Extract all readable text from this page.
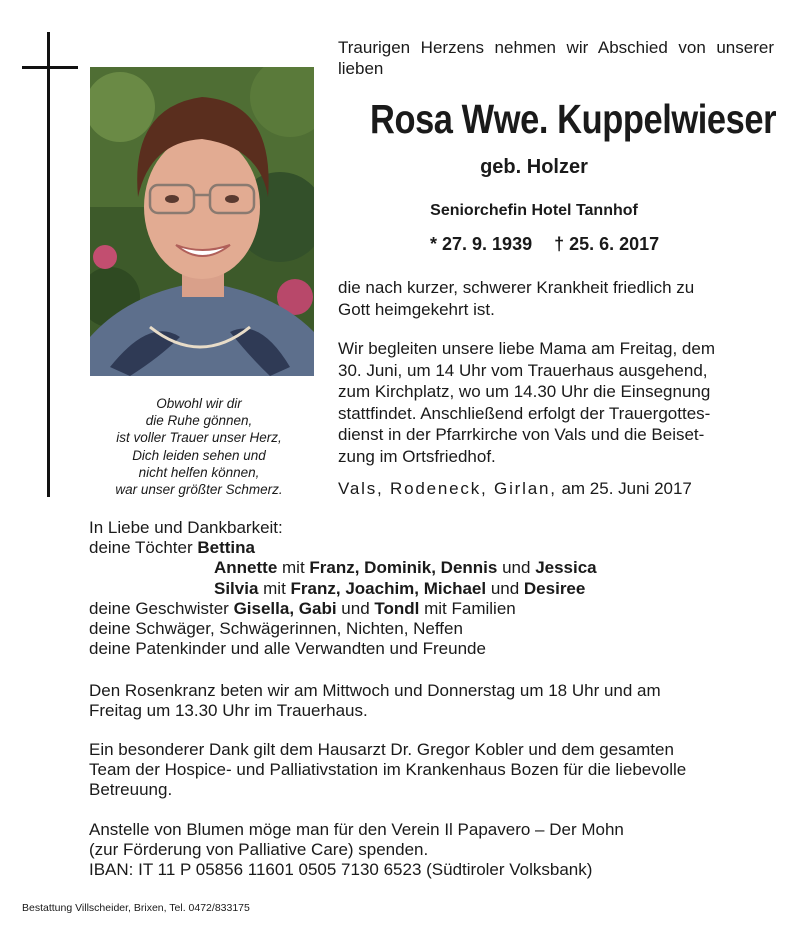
Obwohl wir dir
die Ruhe gönnen,
ist voller Trauer unser Herz,
Dich leiden sehen und
nicht helfen können,
war unser größter Schmerz.
Traurigen Herzens nehmen wir Abschied von unserer lieben
Rosa Wwe. Kuppelwieser
geb. Holzer
Seniorchefin Hotel Tannhof
* 27. 9. 1939 † 25. 6. 2017
die nach kurzer, schwerer Krankheit friedlich zu
Gott heimgekehrt ist.
Wir begleiten unsere liebe Mama am Freitag, dem
30. Juni, um 14 Uhr vom Trauerhaus ausgehend,
zum Kirchplatz, wo um 14.30 Uhr die Einsegnung
stattfindet. Anschließend erfolgt der Trauergottes-
dienst in der Pfarrkirche von Vals und die Beiset-
zung im Ortsfriedhof.
Vals, Rodeneck, Girlan, am 25. Juni 2017
In Liebe und Dankbarkeit:
deine Töchter Bettina
Annette mit Franz, Dominik, Dennis und Jessica
Silvia mit Franz, Joachim, Michael und Desiree
deine Geschwister Gisella, Gabi und Tondl mit Familien
deine Schwäger, Schwägerinnen, Nichten, Neffen
deine Patenkinder und alle Verwandten und Freunde
Den Rosenkranz beten wir am Mittwoch und Donnerstag um 18 Uhr und am
Freitag um 13.30 Uhr im Trauerhaus.
Ein besonderer Dank gilt dem Hausarzt Dr. Gregor Kobler und dem gesamten
Team der Hospice- und Palliativstation im Krankenhaus Bozen für die liebevolle
Betreuung.
Anstelle von Blumen möge man für den Verein Il Papavero – Der Mohn
(zur Förderung von Palliative Care) spenden.
IBAN: IT 11 P 05856 11601 0505 7130 6523 (Südtiroler Volksbank)
Bestattung Villscheider, Brixen, Tel. 0472/833175
